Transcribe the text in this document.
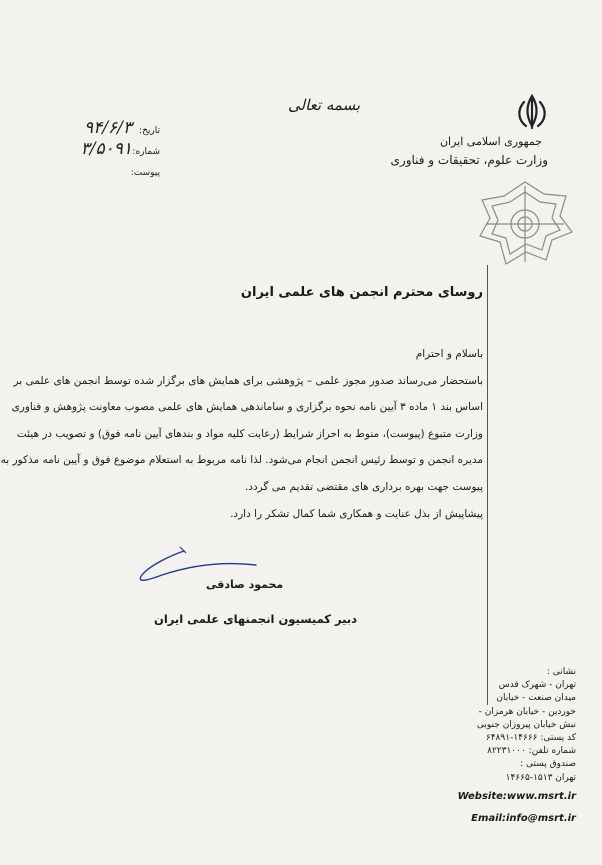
جمهوری اسلامی ایران
وزارت علوم، تحقیقات و فناوری
بسمه تعالی
تاریخ:
۹۴/۶/۳
شماره:
۳/۵۰۹۱
پیوست:
روسای محترم انجمن های علمی ایران

باسلام و احترام

باستحضار می‌رساند صدور مجوز علمی – پژوهشی برای همایش های برگزار شده توسط انجمن های علمی بر

اساس بند ۱ ماده ۳ آیین نامه نحوه برگزاری و ساماندهی همایش های علمی مصوب معاونت پژوهش و فناوری

وزارت متبوع (پیوست)، منوط به احراز شرایط (رعایت کلیه مواد و بندهای آیین نامه فوق) و تصویب در هیئت

مدیره انجمن و توسط رئیس انجمن انجام می‌شود. لذا نامه مربوط به استعلام موضوع فوق و آیین نامه مذکور به

پیوست جهت بهره برداری های مقتضی تقدیم می گردد.

پیشاپیش از بذل عنایت و همکاری شما کمال تشکر را دارد.

محمود صادقی
دبیر کمیسیون انجمنهای علمی ایران
نشانی :
تهران - شهرک قدس
میدان صنعت - خیابان
خوردین - خیابان هرمزان -
نبش خیابان پیروزان جنوبی
کد پستی: ۱۴۶۶۶-۶۴۸۹۱
شماره تلفن: ۸۲۲۳۱۰۰۰
صندوق پستی :
تهران ۱۵۱۳-۱۴۶۶۵
Website:www.msrt.ir
Email:info@msrt.ir
